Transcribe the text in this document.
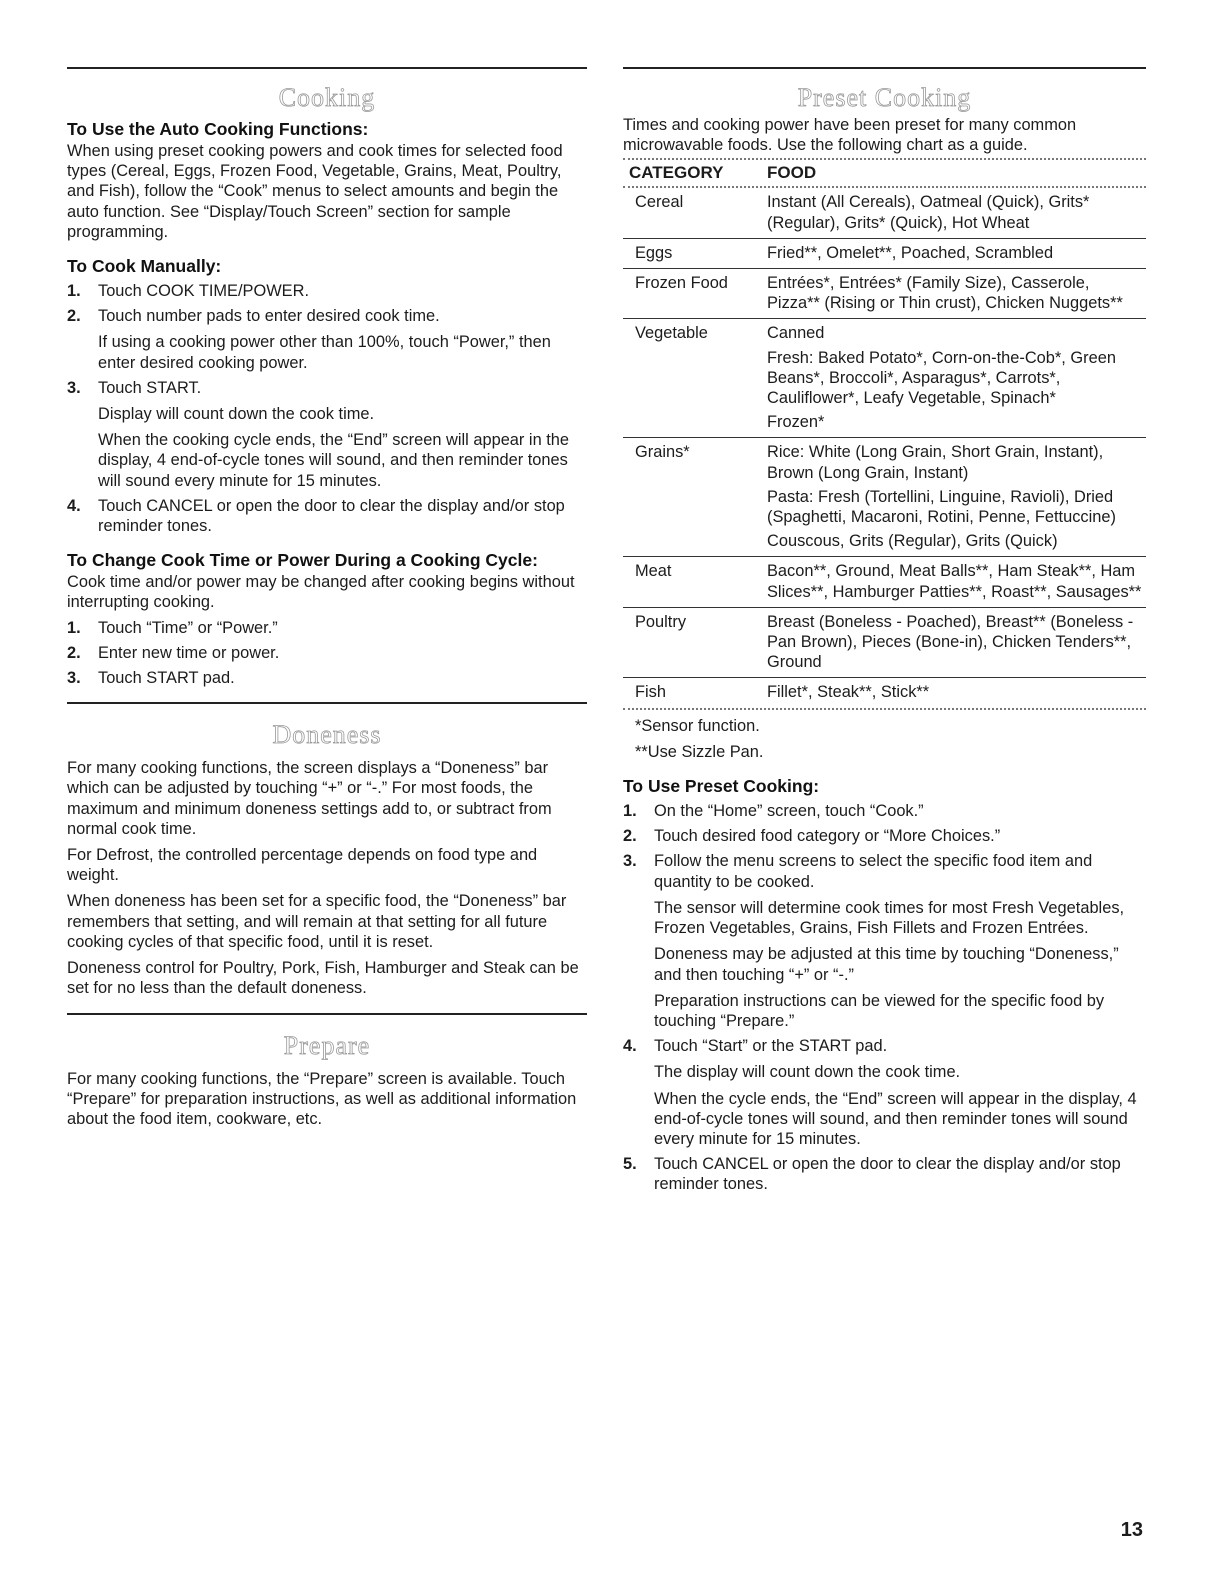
Cooking
To Use the Auto Cooking Functions:

When using preset cooking powers and cook times for selected food types (Cereal, Eggs, Frozen Food, Vegetable, Grains, Meat, Poultry, and Fish), follow the “Cook” menus to select amounts and begin the auto function. See “Display/Touch Screen” section for sample programming.

To Cook Manually:
1.	Touch COOK TIME/POWER.
2.	Touch number pads to enter desired cook time.
If using a cooking power other than 100%, touch “Power,” then enter desired cooking power.
3.	Touch START.
Display will count down the cook time.
When the cooking cycle ends, the “End” screen will appear in the display, 4 end-of-cycle tones will sound, and then reminder tones will sound every minute for 15 minutes.
4.	Touch CANCEL or open the door to clear the display and/or stop reminder tones.
To Change Cook Time or Power During a Cooking Cycle:

Cook time and/or power may be changed after cooking begins without interrupting cooking.

1.	Touch “Time” or “Power.”
2.	Enter new time or power.
3.	Touch START pad.
Doneness

For many cooking functions, the screen displays a “Doneness” bar which can be adjusted by touching “+” or “-.” For most foods, the maximum and minimum doneness settings add to, or subtract from normal cook time.

For Defrost, the controlled percentage depends on food type and weight.

When doneness has been set for a specific food, the “Doneness” bar remembers that setting, and will remain at that setting for all future cooking cycles of that specific food, until it is reset.

Doneness control for Poultry, Pork, Fish, Hamburger and Steak can be set for no less than the default doneness.

Prepare

For many cooking functions, the “Prepare” screen is available. Touch “Prepare” for preparation instructions, as well as additional information about the food item, cookware, etc.

Preset Cooking

Times and cooking power have been preset for many common microwavable foods. Use the following chart as a guide.

CATEGORY	FOOD
Cereal	Instant (All Cereals), Oatmeal (Quick), Grits* (Regular), Grits* (Quick), Hot Wheat
Eggs	Fried**, Omelet**, Poached, Scrambled
Frozen Food	Entrées*, Entrées* (Family Size), Casserole, Pizza** (Rising or Thin crust), Chicken Nuggets**
Vegetable	Canned
Fresh: Baked Potato*, Corn-on-the-Cob*, Green Beans*, Broccoli*, Asparagus*, Carrots*, Cauliflower*, Leafy Vegetable, Spinach*
Frozen*
Grains*	Rice: White (Long Grain, Short Grain, Instant), Brown (Long Grain, Instant)
Pasta: Fresh (Tortellini, Linguine, Ravioli), Dried (Spaghetti, Macaroni, Rotini, Penne, Fettuccine)
Couscous, Grits (Regular), Grits (Quick)
Meat	Bacon**, Ground, Meat Balls**, Ham Steak**, Ham Slices**, Hamburger Patties**, Roast**, Sausages**
Poultry	Breast (Boneless - Poached), Breast** (Boneless - Pan Brown), Pieces (Bone-in), Chicken Tenders**, Ground
Fish	Fillet*, Steak**, Stick**
*Sensor function.
**Use Sizzle Pan.
To Use Preset Cooking:
1.	On the “Home” screen, touch “Cook.”
2.	Touch desired food category or “More Choices.”
3.	Follow the menu screens to select the specific food item and quantity to be cooked.
The sensor will determine cook times for most Fresh Vegetables, Frozen Vegetables, Grains, Fish Fillets and Frozen Entrées.
Doneness may be adjusted at this time by touching “Doneness,” and then touching “+” or “-.”
Preparation instructions can be viewed for the specific food by touching “Prepare.”
4.	Touch “Start” or the START pad.
The display will count down the cook time.
When the cycle ends, the “End” screen will appear in the display, 4 end-of-cycle tones will sound, and then reminder tones will sound every minute for 15 minutes.
5.	Touch CANCEL or open the door to clear the display and/or stop reminder tones.
13
